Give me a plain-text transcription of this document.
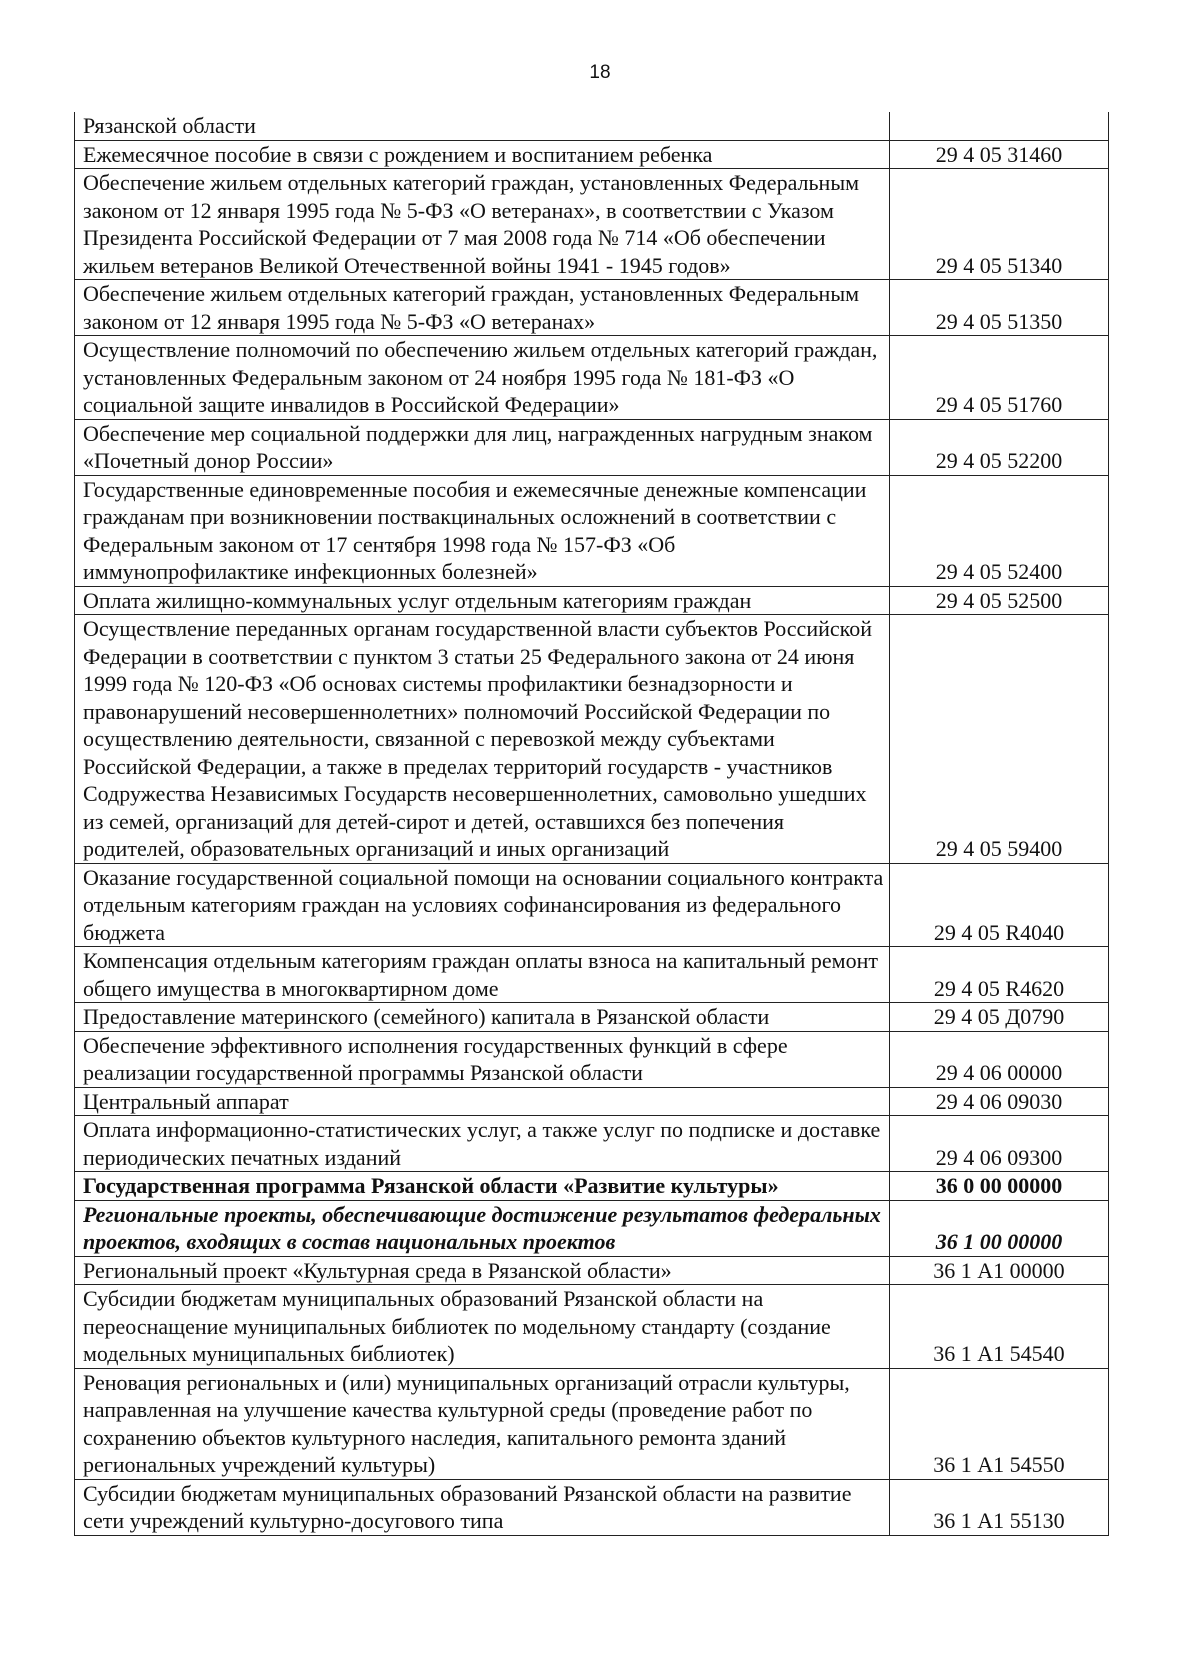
18
Рязанской области	
Ежемесячное пособие в связи с рождением и воспитанием ребенка	29 4 05 31460
Обеспечение жильем отдельных категорий граждан, установленных Федеральным законом от 12 января 1995 года № 5-ФЗ «О ветеранах», в соответствии с Указом Президента Российской Федерации от 7 мая 2008 года № 714 «Об обеспечении жильем ветеранов Великой Отечественной войны 1941 - 1945 годов»	29 4 05 51340
Обеспечение жильем отдельных категорий граждан, установленных Федеральным законом от 12 января 1995 года № 5-ФЗ «О ветеранах»	29 4 05 51350
Осуществление полномочий по обеспечению жильем отдельных категорий граждан, установленных Федеральным законом от 24 ноября 1995 года № 181-ФЗ «О социальной защите инвалидов в Российской Федерации»	29 4 05 51760
Обеспечение мер социальной поддержки для лиц, награжденных нагрудным знаком «Почетный донор России»	29 4 05 52200
Государственные единовременные пособия и ежемесячные денежные компенсации гражданам при возникновении поствакцинальных осложнений в соответствии с Федеральным законом от 17 сентября 1998 года № 157-ФЗ «Об иммунопрофилактике инфекционных болезней»	29 4 05 52400
Оплата жилищно-коммунальных услуг отдельным категориям граждан	29 4 05 52500
Осуществление переданных органам государственной власти субъектов Российской Федерации в соответствии с пунктом 3 статьи 25 Федерального закона от 24 июня 1999 года № 120-ФЗ «Об основах системы профилактики безнадзорности и правонарушений несовершеннолетних» полномочий Российской Федерации по осуществлению деятельности, связанной с перевозкой между субъектами Российской Федерации, а также в пределах территорий государств - участников Содружества Независимых Государств несовершеннолетних, самовольно ушедших из семей, организаций для детей-сирот и детей, оставшихся без попечения родителей, образовательных организаций и иных организаций	29 4 05 59400
Оказание государственной социальной помощи на основании социального контракта отдельным категориям граждан на условиях софинансирования из федерального бюджета	29 4 05 R4040
Компенсация отдельным категориям граждан оплаты взноса на капитальный ремонт общего имущества в многоквартирном доме	29 4 05 R4620
Предоставление материнского (семейного) капитала в Рязанской области	29 4 05 Д0790
Обеспечение эффективного исполнения государственных функций в сфере реализации государственной программы Рязанской области	29 4 06 00000
Центральный аппарат	29 4 06 09030
Оплата информационно-статистических услуг, а также услуг по подписке и доставке периодических печатных изданий	29 4 06 09300
Государственная программа Рязанской области «Развитие культуры»	36 0 00 00000
Региональные проекты, обеспечивающие достижение результатов федеральных проектов, входящих в состав национальных проектов	36 1 00 00000
Региональный проект «Культурная среда в Рязанской области»	36 1 А1 00000
Субсидии бюджетам муниципальных образований Рязанской области на переоснащение муниципальных библиотек по модельному стандарту (создание модельных муниципальных библиотек)	36 1 А1 54540
Реновация региональных и (или) муниципальных организаций отрасли культуры, направленная на улучшение качества культурной среды (проведение работ по сохранению объектов культурного наследия, капитального ремонта зданий региональных учреждений культуры)	36 1 А1 54550
Субсидии бюджетам муниципальных образований Рязанской области на развитие сети учреждений культурно-досугового типа	36 1 А1 55130
